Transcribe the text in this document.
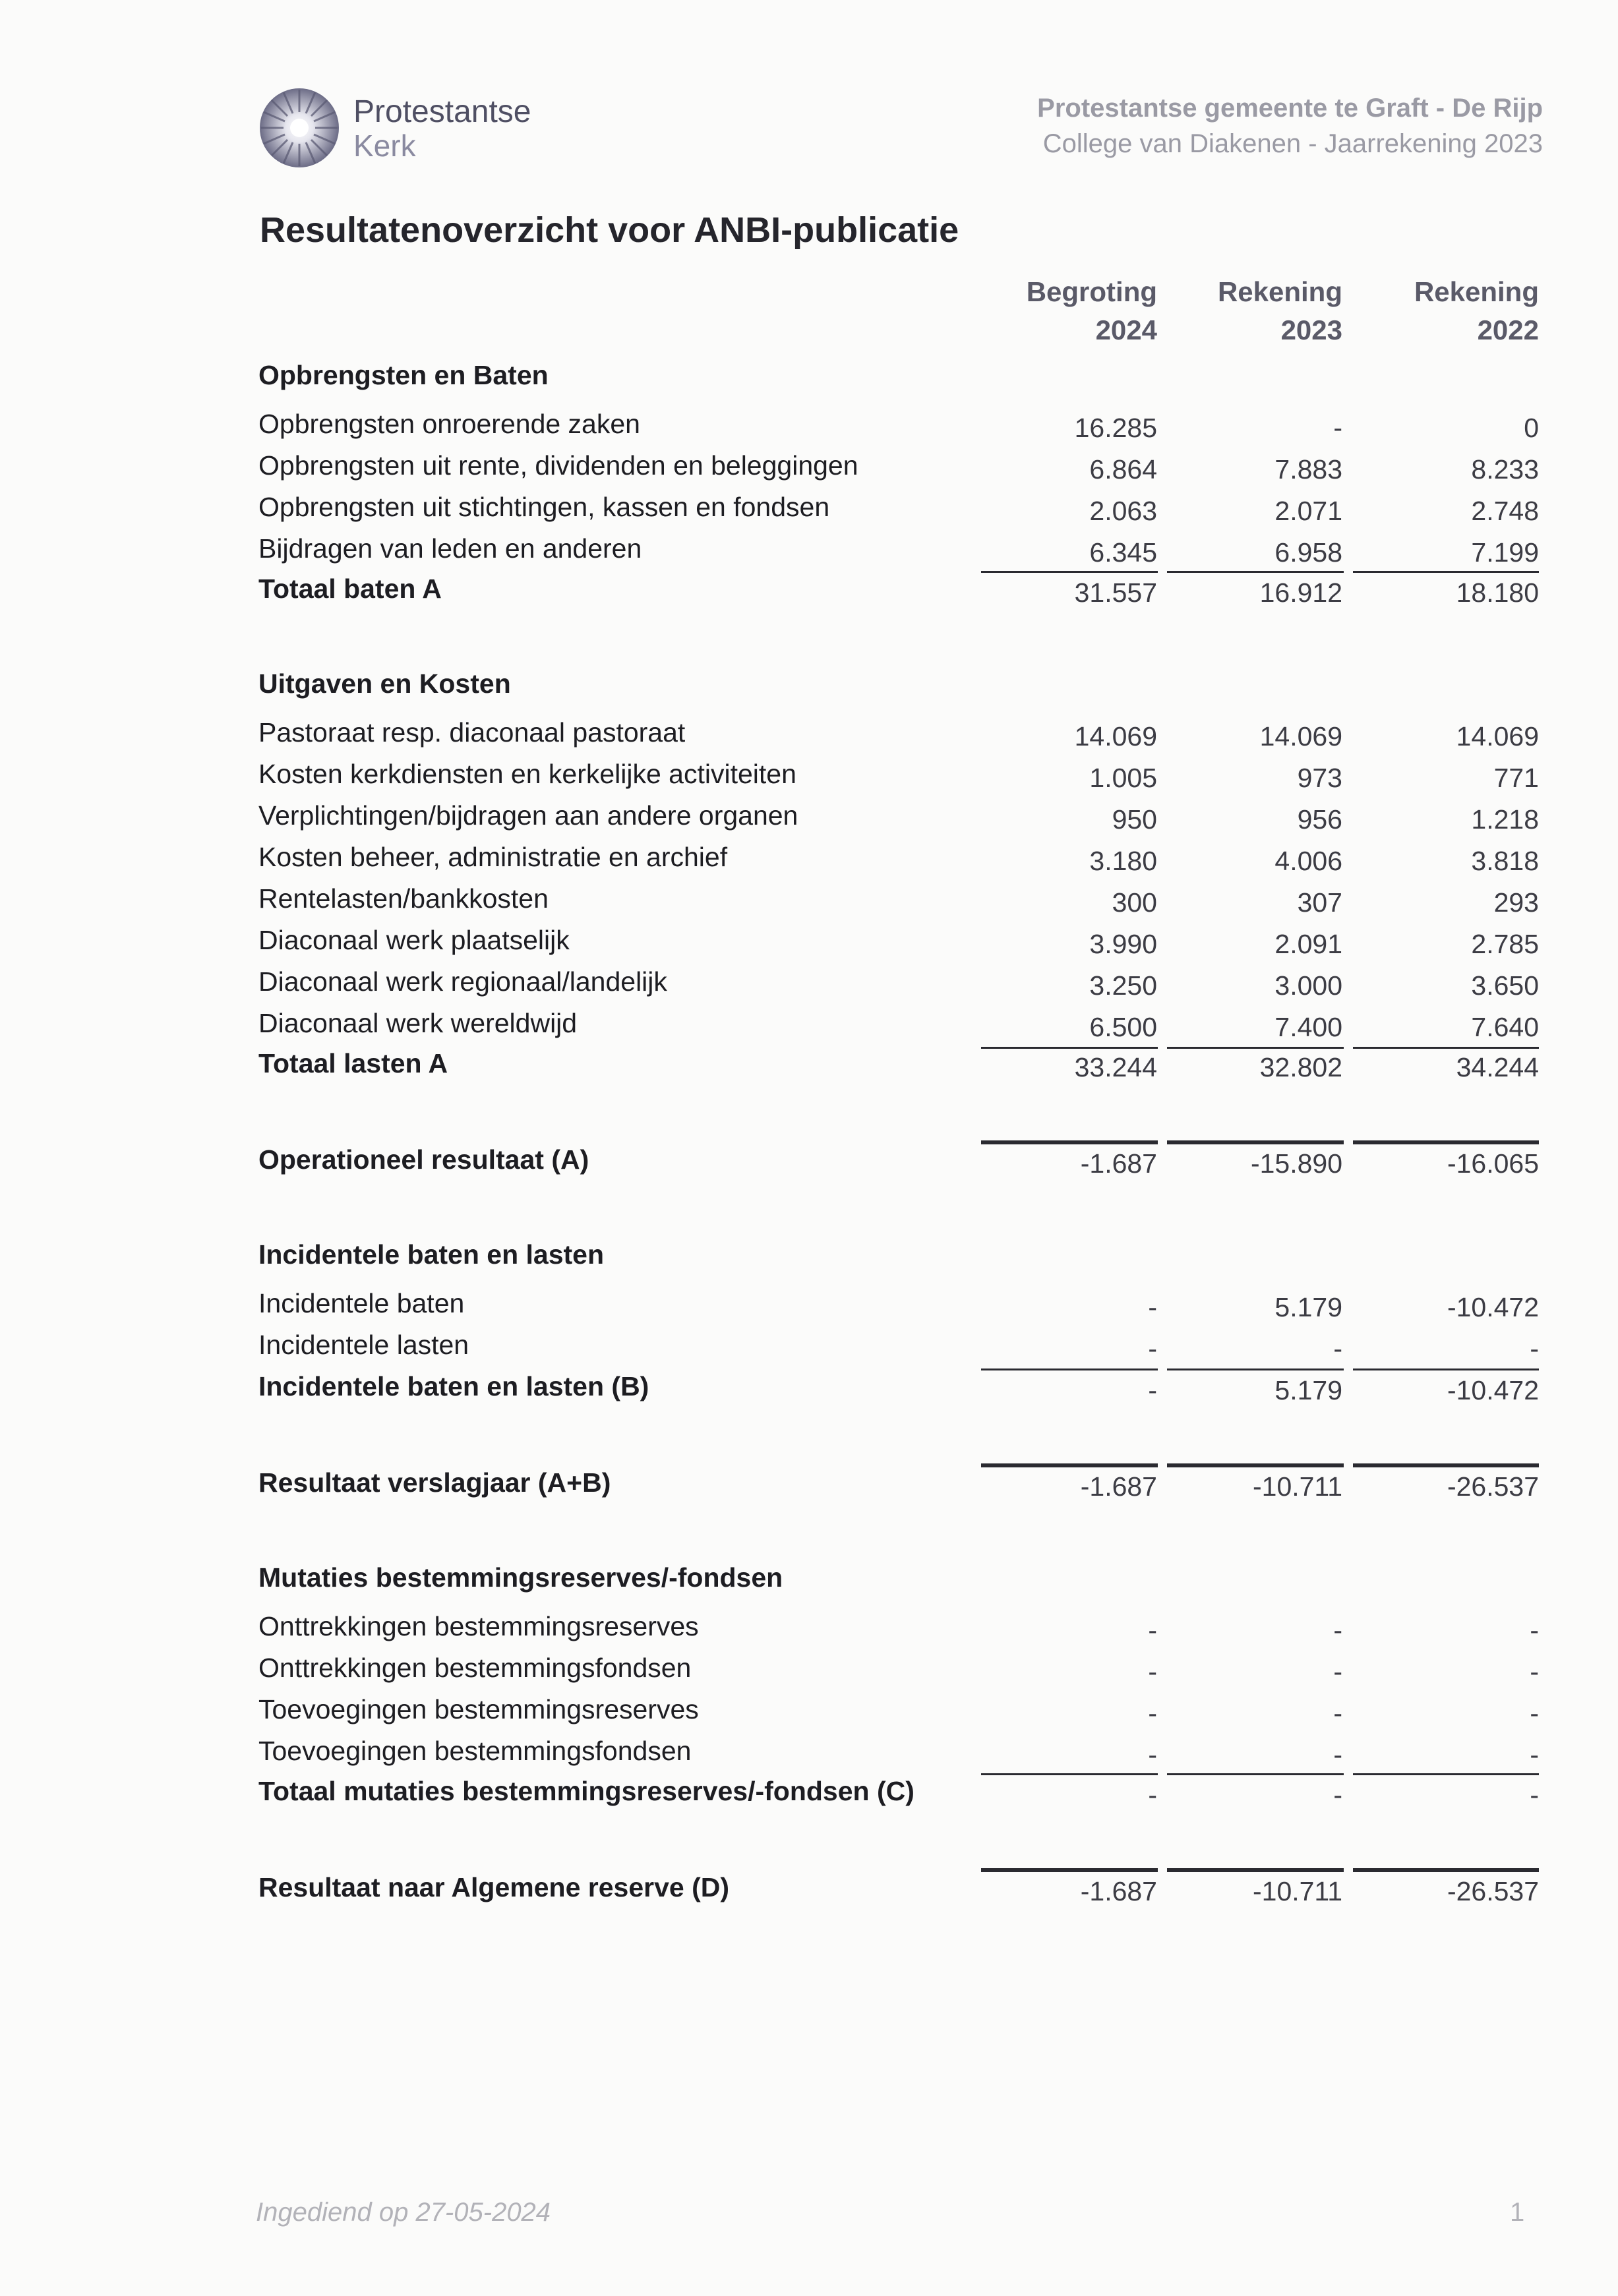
Protestantse
Kerk
Protestantse gemeente te Graft - De Rijp
College van Diakenen - Jaarrekening 2023
Resultatenoverzicht voor ANBI-publicatie
Begroting
2024
Rekening
2023
Rekening
2022
Opbrengsten en Baten
Opbrengsten onroerende zaken	16.285	-	0
Opbrengsten uit rente, dividenden en beleggingen	6.864	7.883	8.233
Opbrengsten uit stichtingen, kassen en fondsen	2.063	2.071	2.748
Bijdragen van leden en anderen	6.345	6.958	7.199
Totaal baten A	31.557	16.912	18.180
Uitgaven en Kosten
Pastoraat resp. diaconaal pastoraat	14.069	14.069	14.069
Kosten kerkdiensten en kerkelijke activiteiten	1.005	973	771
Verplichtingen/bijdragen aan andere organen	950	956	1.218
Kosten beheer, administratie en archief	3.180	4.006	3.818
Rentelasten/bankkosten	300	307	293
Diaconaal werk plaatselijk	3.990	2.091	2.785
Diaconaal werk regionaal/landelijk	3.250	3.000	3.650
Diaconaal werk wereldwijd	6.500	7.400	7.640
Totaal lasten A	33.244	32.802	34.244
Operationeel resultaat (A)	-1.687	-15.890	-16.065
Incidentele baten en lasten
Incidentele baten	-	5.179	-10.472
Incidentele lasten	-	-	-
Incidentele baten en lasten (B)	-	5.179	-10.472
Resultaat verslagjaar (A+B)	-1.687	-10.711	-26.537
Mutaties bestemmingsreserves/-fondsen
Onttrekkingen bestemmingsreserves	-	-	-
Onttrekkingen bestemmingsfondsen	-	-	-
Toevoegingen bestemmingsreserves	-	-	-
Toevoegingen bestemmingsfondsen	-	-	-
Totaal mutaties bestemmingsreserves/-fondsen (C)	-	-	-
Resultaat naar Algemene reserve (D)	-1.687	-10.711	-26.537
Ingediend op 27-05-2024	1
